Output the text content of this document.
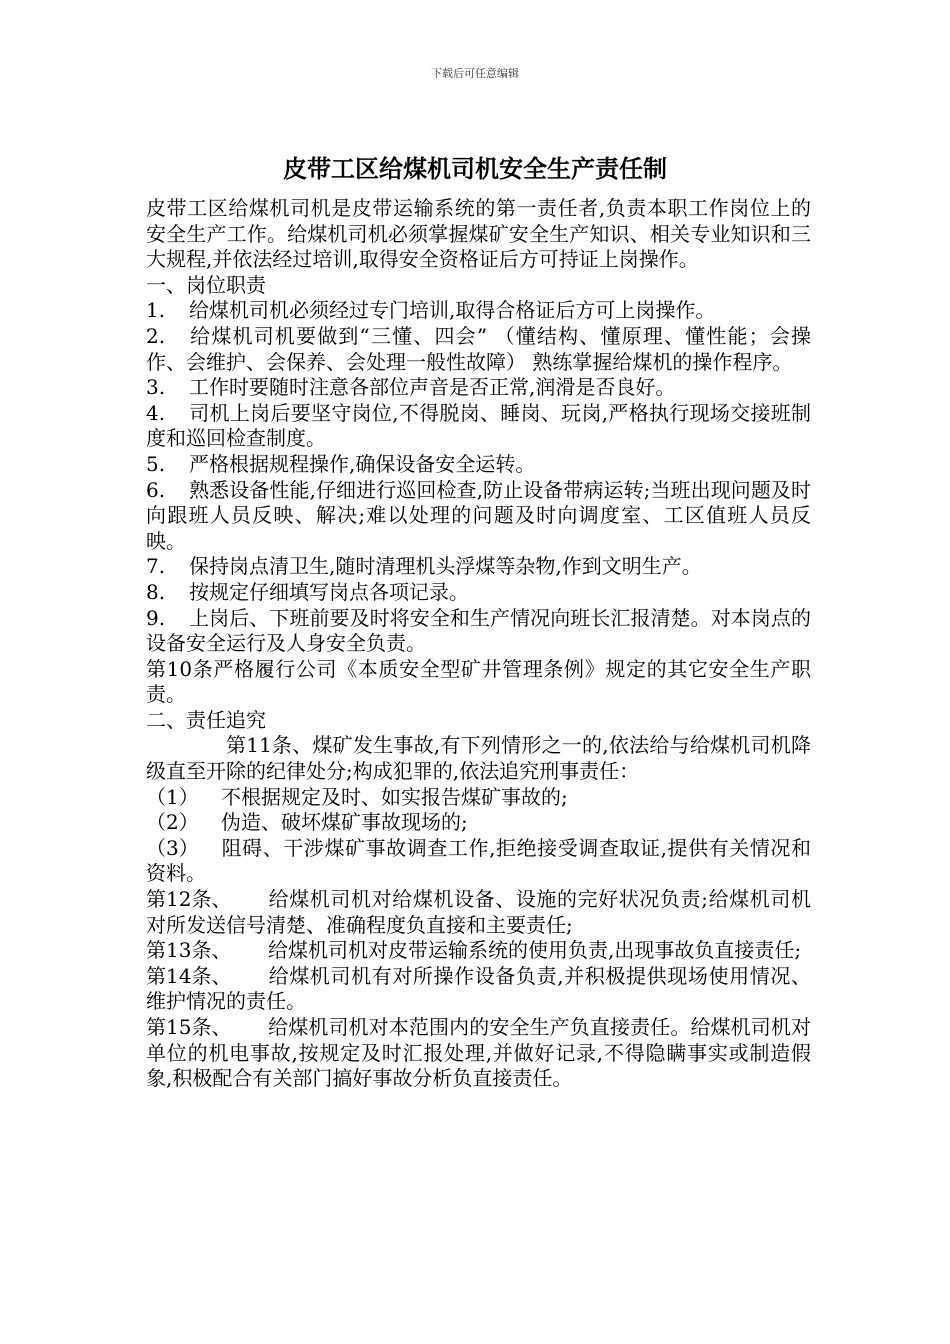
下载后可任意编辑
皮带工区给煤机司机安全生产责任制

皮带工区给煤机司机是皮带运输系统的第一责任者,负责本职工作岗位上的安全生产工作。给煤机司机必须掌握煤矿安全生产知识、相关专业知识和三大规程,并依法经过培训,取得安全资格证后方可持证上岗操作。

一、岗位职责

1. 给煤机司机必须经过专门培训,取得合格证后方可上岗操作。

2. 给煤机司机要做到“三懂、四会” （懂结构、懂原理、懂性能；会操作、会维护、会保养、会处理一般性故障） 熟练掌握给煤机的操作程序。

3. 工作时要随时注意各部位声音是否正常,润滑是否良好。

4. 司机上岗后要坚守岗位,不得脱岗、睡岗、玩岗,严格执行现场交接班制度和巡回检查制度。

5. 严格根据规程操作,确保设备安全运转。

6. 熟悉设备性能,仔细进行巡回检查,防止设备带病运转;当班出现问题及时向跟班人员反映、解决;难以处理的问题及时向调度室、工区值班人员反映。

7. 保持岗点清卫生,随时清理机头浮煤等杂物,作到文明生产。

8. 按规定仔细填写岗点各项记录。

9. 上岗后、下班前要及时将安全和生产情况向班长汇报清楚。对本岗点的设备安全运行及人身安全负责。

第10条严格履行公司《本质安全型矿井管理条例》规定的其它安全生产职责。

二、责任追究

第11条、煤矿发生事故,有下列情形之一的,依法给与给煤机司机降级直至开除的纪律处分;构成犯罪的,依法追究刑事责任：

（1） 不根据规定及时、如实报告煤矿事故的;

（2） 伪造、破坏煤矿事故现场的;

（3） 阻碍、干涉煤矿事故调查工作,拒绝接受调查取证,提供有关情况和资料。

第12条、 给煤机司机对给煤机设备、设施的完好状况负责;给煤机司机对所发送信号清楚、准确程度负直接和主要责任;

第13条、 给煤机司机对皮带运输系统的使用负责,出现事故负直接责任;

第14条、 给煤机司机有对所操作设备负责,并积极提供现场使用情况、维护情况的责任。

第15条、 给煤机司机对本范围内的安全生产负直接责任。给煤机司机对单位的机电事故,按规定及时汇报处理,并做好记录,不得隐瞒事实或制造假象,积极配合有关部门搞好事故分析负直接责任。
